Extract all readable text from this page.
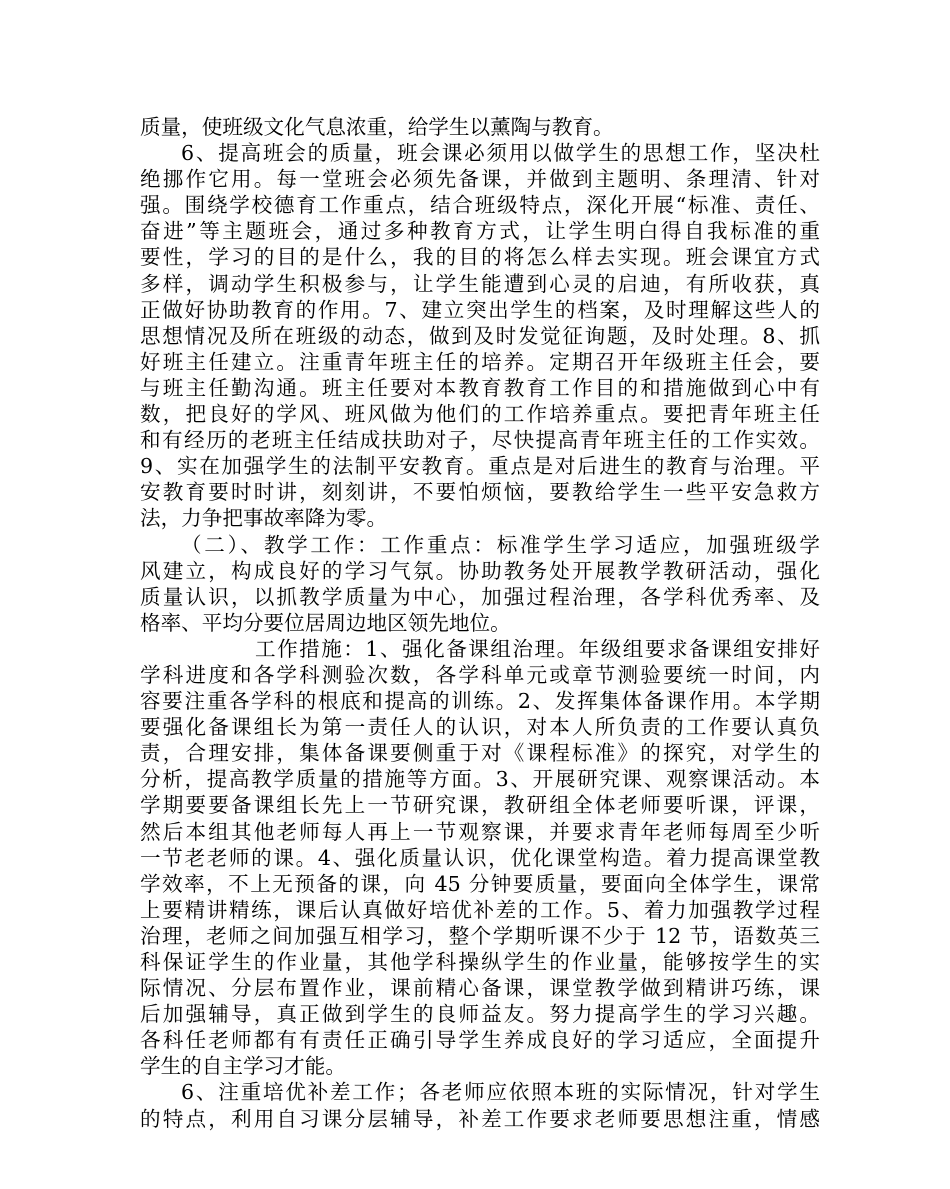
质量，使班级文化气息浓重，给学生以薰陶与教育。
6、提高班会的质量，班会课必须用以做学生的思想工作，坚决杜
绝挪作它用。每一堂班会必须先备课，并做到主题明、条理清、针对
强。围绕学校德育工作重点，结合班级特点，深化开展“标准、责任、
奋进”等主题班会，通过多种教育方式，让学生明白得自我标准的重
要性，学习的目的是什么，我的目的将怎么样去实现。班会课宜方式
多样，调动学生积极参与，让学生能遭到心灵的启迪，有所收获，真
正做好协助教育的作用。7、建立突出学生的档案，及时理解这些人的
思想情况及所在班级的动态，做到及时发觉征询题，及时处理。8、抓
好班主任建立。注重青年班主任的培养。定期召开年级班主任会，要
与班主任勤沟通。班主任要对本教育教育工作目的和措施做到心中有
数，把良好的学风、班风做为他们的工作培养重点。要把青年班主任
和有经历的老班主任结成扶助对子，尽快提高青年班主任的工作实效。
9、实在加强学生的法制平安教育。重点是对后进生的教育与治理。平
安教育要时时讲，刻刻讲，不要怕烦恼，要教给学生一些平安急救方
法，力争把事故率降为零。
（二）、教学工作：工作重点：标准学生学习适应，加强班级学
风建立，构成良好的学习气氛。协助教务处开展教学教研活动，强化
质量认识，以抓教学质量为中心，加强过程治理，各学科优秀率、及
格率、平均分要位居周边地区领先地位。
工作措施：1、强化备课组治理。年级组要求备课组安排好
学科进度和各学科测验次数，各学科单元或章节测验要统一时间，内
容要注重各学科的根底和提高的训练。2、发挥集体备课作用。本学期
要强化备课组长为第一责任人的认识，对本人所负责的工作要认真负
责，合理安排，集体备课要侧重于对《课程标准》的探究，对学生的
分析，提高教学质量的措施等方面。3、开展研究课、观察课活动。本
学期要要备课组长先上一节研究课，教研组全体老师要听课，评课，
然后本组其他老师每人再上一节观察课，并要求青年老师每周至少听
一节老老师的课。4、强化质量认识，优化课堂构造。着力提高课堂教
学效率，不上无预备的课，向 45 分钟要质量，要面向全体学生，课常
上要精讲精练，课后认真做好培优补差的工作。5、着力加强教学过程
治理，老师之间加强互相学习，整个学期听课不少于 12 节，语数英三
科保证学生的作业量，其他学科操纵学生的作业量，能够按学生的实
际情况、分层布置作业，课前精心备课，课堂教学做到精讲巧练，课
后加强辅导，真正做到学生的良师益友。努力提高学生的学习兴趣。
各科任老师都有有责任正确引导学生养成良好的学习适应，全面提升
学生的自主学习才能。
6、注重培优补差工作；各老师应依照本班的实际情况，针对学生
的特点，利用自习课分层辅导，补差工作要求老师要思想注重，情感
